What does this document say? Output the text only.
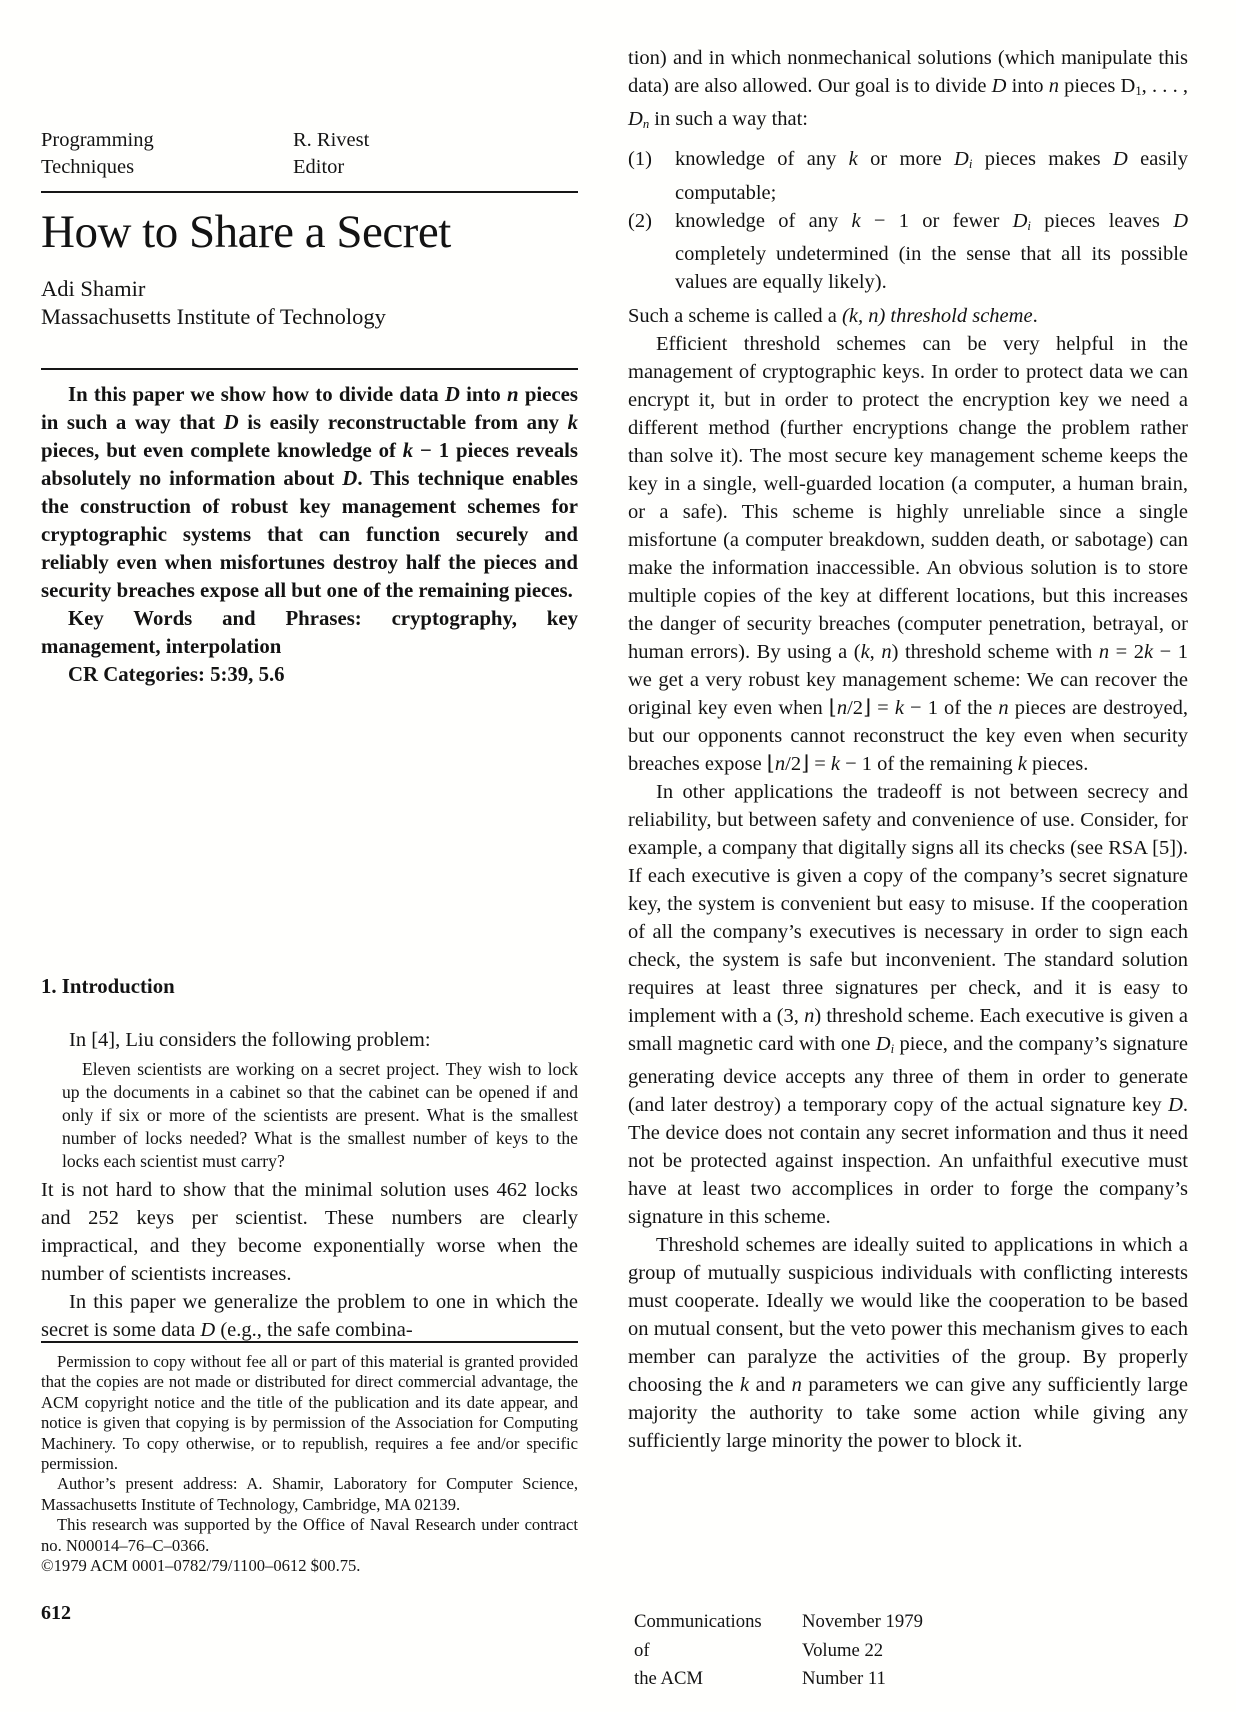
Programming
Techniques
R. Rivest
Editor
How to Share a Secret
Adi Shamir
Massachusetts Institute of Technology

In this paper we show how to divide data D into n pieces in such a way that D is easily reconstructable from any k pieces, but even complete knowledge of k − 1 pieces reveals absolutely no information about D. This technique enables the construction of robust key management schemes for cryptographic systems that can function securely and reliably even when misfortunes destroy half the pieces and security breaches expose all but one of the remaining pieces.

Key Words and Phrases: cryptography, key management, interpolation

CR Categories: 5:39, 5.6

1. Introduction

In [4], Liu considers the following problem:

Eleven scientists are working on a secret project. They wish to lock up the documents in a cabinet so that the cabinet can be opened if and only if six or more of the scientists are present. What is the smallest number of locks needed? What is the smallest number of keys to the locks each scientist must carry?

It is not hard to show that the minimal solution uses 462 locks and 252 keys per scientist. These numbers are clearly impractical, and they become exponentially worse when the number of scientists increases.

In this paper we generalize the problem to one in which the secret is some data D (e.g., the safe combina-

Permission to copy without fee all or part of this material is granted provided that the copies are not made or distributed for direct commercial advantage, the ACM copyright notice and the title of the publication and its date appear, and notice is given that copying is by permission of the Association for Computing Machinery. To copy otherwise, or to republish, requires a fee and/or specific permission.

Author’s present address: A. Shamir, Laboratory for Computer Science, Massachusetts Institute of Technology, Cambridge, MA 02139.

This research was supported by the Office of Naval Research under contract no. N00014–76–C–0366.

©1979 ACM 0001–0782/79/1100–0612 $00.75.

612

tion) and in which nonmechanical solutions (which manipulate this data) are also allowed. Our goal is to divide D into n pieces $D_1$, . . . , $D_n$ in such a way that:

(1)	knowledge of any k or more $D_i$ pieces makes D easily computable;
(2)	knowledge of any k − 1 or fewer $D_i$ pieces leaves D completely undetermined (in the sense that all its possible values are equally likely).

Such a scheme is called a (k, n) threshold scheme.

Efficient threshold schemes can be very helpful in the management of cryptographic keys. In order to protect data we can encrypt it, but in order to protect the encryption key we need a different method (further encryptions change the problem rather than solve it). The most secure key management scheme keeps the key in a single, well-guarded location (a computer, a human brain, or a safe). This scheme is highly unreliable since a single misfortune (a computer breakdown, sudden death, or sabotage) can make the information inaccessible. An obvious solution is to store multiple copies of the key at different locations, but this increases the danger of security breaches (computer penetration, betrayal, or human errors). By using a (k, n) threshold scheme with n = 2k − 1 we get a very robust key management scheme: We can recover the original key even when ⌊n/2⌋ = k − 1 of the n pieces are destroyed, but our opponents cannot reconstruct the key even when security breaches expose ⌊n/2⌋ = k − 1 of the remaining k pieces.

In other applications the tradeoff is not between secrecy and reliability, but between safety and convenience of use. Consider, for example, a company that digitally signs all its checks (see RSA [5]). If each executive is given a copy of the company’s secret signature key, the system is convenient but easy to misuse. If the cooperation of all the company’s executives is necessary in order to sign each check, the system is safe but inconvenient. The standard solution requires at least three signatures per check, and it is easy to implement with a (3, n) threshold scheme. Each executive is given a small magnetic card with one $D_i$ piece, and the company’s signature generating device accepts any three of them in order to generate (and later destroy) a temporary copy of the actual signature key D. The device does not contain any secret information and thus it need not be protected against inspection. An unfaithful executive must have at least two accomplices in order to forge the company’s signature in this scheme.

Threshold schemes are ideally suited to applications in which a group of mutually suspicious individuals with conflicting interests must cooperate. Ideally we would like the cooperation to be based on mutual consent, but the veto power this mechanism gives to each member can paralyze the activities of the group. By properly choosing the k and n parameters we can give any sufficiently large majority the authority to take some action while giving any sufficiently large minority the power to block it.

Communications
of
the ACM
November 1979
Volume 22
Number 11
